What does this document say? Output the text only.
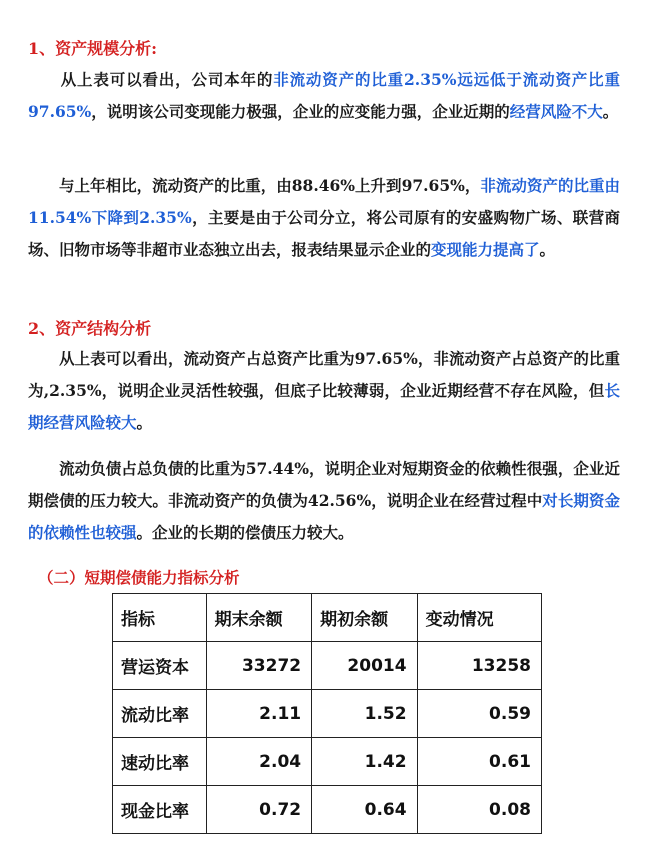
1、资产规模分析:
　　从上表可以看出，公司本年的非流动资产的比重2.35%远远低于流动资产比重97.65%，说明该公司变现能力极强，企业的应变能力强，企业近期的经营风险不大。
　　与上年相比，流动资产的比重，由88.46%上升到97.65%，非流动资产的比重由11.54%下降到2.35%，主要是由于公司分立，将公司原有的安盛购物广场、联营商场、旧物市场等非超市业态独立出去，报表结果显示企业的变现能力提高了。
2、资产结构分析
　　从上表可以看出，流动资产占总资产比重为97.65%，非流动资产占总资产的比重为,2.35%，说明企业灵活性较强，但底子比较薄弱，企业近期经营不存在风险，但长期经营风险较大。
　　流动负债占总负债的比重为57.44%，说明企业对短期资金的依赖性很强，企业近期偿债的压力较大。非流动资产的负债为42.56%，说明企业在经营过程中对长期资金的依赖性也较强。企业的长期的偿债压力较大。
（二）短期偿债能力指标分析
指标	期末余额	期初余额	变动情况
营运资本	33272	20014	13258
流动比率	2.11	1.52	0.59
速动比率	2.04	1.42	0.61
现金比率	0.72	0.64	0.08
